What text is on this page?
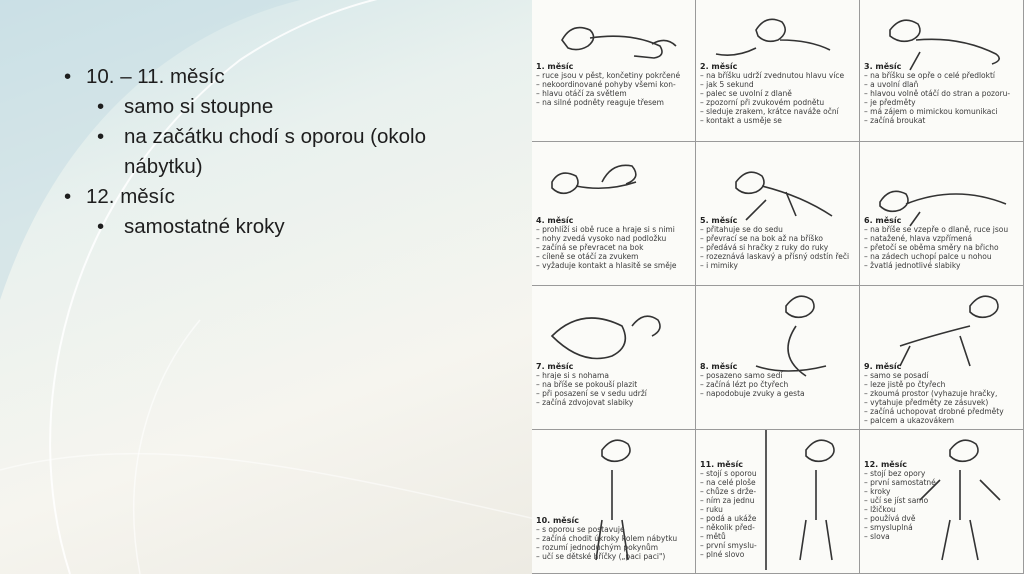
• 10. – 11. měsíc
• samo si stoupne
• na začátku chodí s oporou (okolo
nábytku)
• 12. měsíc
• samostatné kroky
1. měsíc
– ruce jsou v pěst, končetiny pokrčené
– nekoordinované pohyby všemi kon-
– hlavu otáčí za světlem
– na silné podněty reaguje třesem
2. měsíc
– na bříšku udrží zvednutou hlavu více
– jak 5 sekund
– palec se uvolní z dlaně
– zpozorní při zvukovém podnětu
– sleduje zrakem, krátce naváže oční
– kontakt a usměje se
3. měsíc
– na bříšku se opře o celé předloktí
– a uvolní dlaň
– hlavou volně otáčí do stran a pozoru-
– je předměty
– má zájem o mimickou komunikaci
– začíná broukat
4. měsíc
– prohlíží si obě ruce a hraje si s nimi
– nohy zvedá vysoko nad podložku
– začíná se převracet na bok
– cíleně se otáčí za zvukem
– vyžaduje kontakt a hlasitě se směje
5. měsíc
– přitahuje se do sedu
– převrací se na bok až na bříško
– předává si hračky z ruky do ruky
– rozeznává laskavý a přísný odstín řeči
– i mimiky
6. měsíc
– na bříše se vzepře o dlaně, ruce jsou
– natažené, hlava vzpřímená
– přetočí se oběma směry na břicho
– na zádech uchopí palce u nohou
– žvatlá jednotlivé slabiky
7. měsíc
– hraje si s nohama
– na bříše se pokouší plazit
– při posazení se v sedu udrží
– začíná zdvojovat slabiky
8. měsíc
– posazeno samo sedí
– začíná lézt po čtyřech
– napodobuje zvuky a gesta
9. měsíc
– samo se posadí
– leze jistě po čtyřech
– zkoumá prostor (vyhazuje hračky,
– vytahuje předměty ze zásuvek)
– začíná uchopovat drobné předměty
– palcem a ukazovákem
10. měsíc
– s oporou se postavuje
– začíná chodit úkroky kolem nábytku
– rozumí jednoduchým pokynům
– učí se dětské hříčky („paci paci")
11. měsíc
– stojí s oporou
– na celé ploše
– chůze s drže-
– ním za jednu
– ruku
– podá a ukáže
– několik před-
– mětů
– první smyslu-
– plné slovo
12. měsíc
– stojí bez opory
– první samostatné
– kroky
– učí se jíst samo
– lžičkou
– používá dvě
– smysluplná
– slova
